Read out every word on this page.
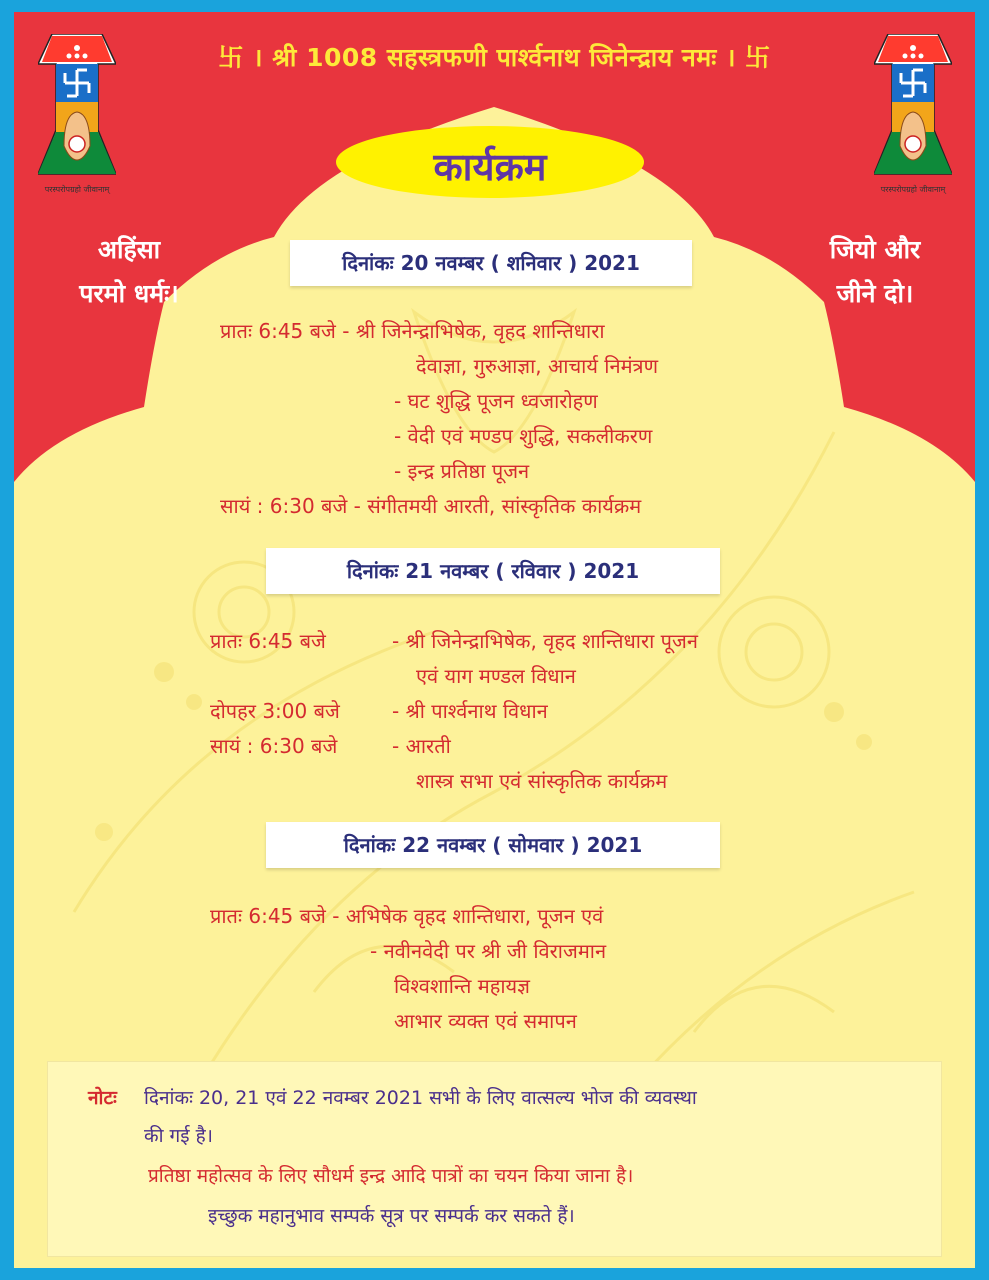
卐 । श्री 1008 सहस्त्रफणी पार्श्वनाथ जिनेन्द्राय नमः । 卐
कार्यक्रम
परस्परोपग्रहो जीवानाम्	परस्परोपग्रहो जीवानाम्
अहिंसा
परमो धर्मः।
जियो और
जीने दो।
दिनांकः 20 नवम्बर ( शनिवार ) 2021
प्रातः 6:45 बजे - श्री जिनेन्द्राभिषेक, वृहद शान्तिधारा
देवाज्ञा, गुरुआज्ञा, आचार्य निमंत्रण
- घट शुद्धि पूजन ध्वजारोहण
- वेदी एवं मण्डप शुद्धि, सकलीकरण
- इन्द्र प्रतिष्ठा पूजन
सायं : 6:30 बजे - संगीतमयी आरती, सांस्कृतिक कार्यक्रम
दिनांकः 21 नवम्बर ( रविवार ) 2021
प्रातः 6:45 बजे	- श्री जिनेन्द्राभिषेक, वृहद शान्तिधारा पूजन
एवं याग मण्डल विधान
दोपहर 3:00 बजे	- श्री पार्श्वनाथ विधान
सायं : 6:30 बजे	- आरती
शास्त्र सभा एवं सांस्कृतिक कार्यक्रम
दिनांकः 22 नवम्बर ( सोमवार ) 2021
प्रातः 6:45 बजे - अभिषेक वृहद शान्तिधारा, पूजन एवं
- नवीनवेदी पर श्री जी विराजमान
विश्वशान्ति महायज्ञ
आभार व्यक्त एवं समापन
नोटः दिनांकः 20, 21 एवं 22 नवम्बर 2021 सभी के लिए वात्सल्य भोज की व्यवस्था
की गई है।
प्रतिष्ठा महोत्सव के लिए सौधर्म इन्द्र आदि पात्रों का चयन किया जाना है।
इच्छुक महानुभाव सम्पर्क सूत्र पर सम्पर्क कर सकते हैं।
